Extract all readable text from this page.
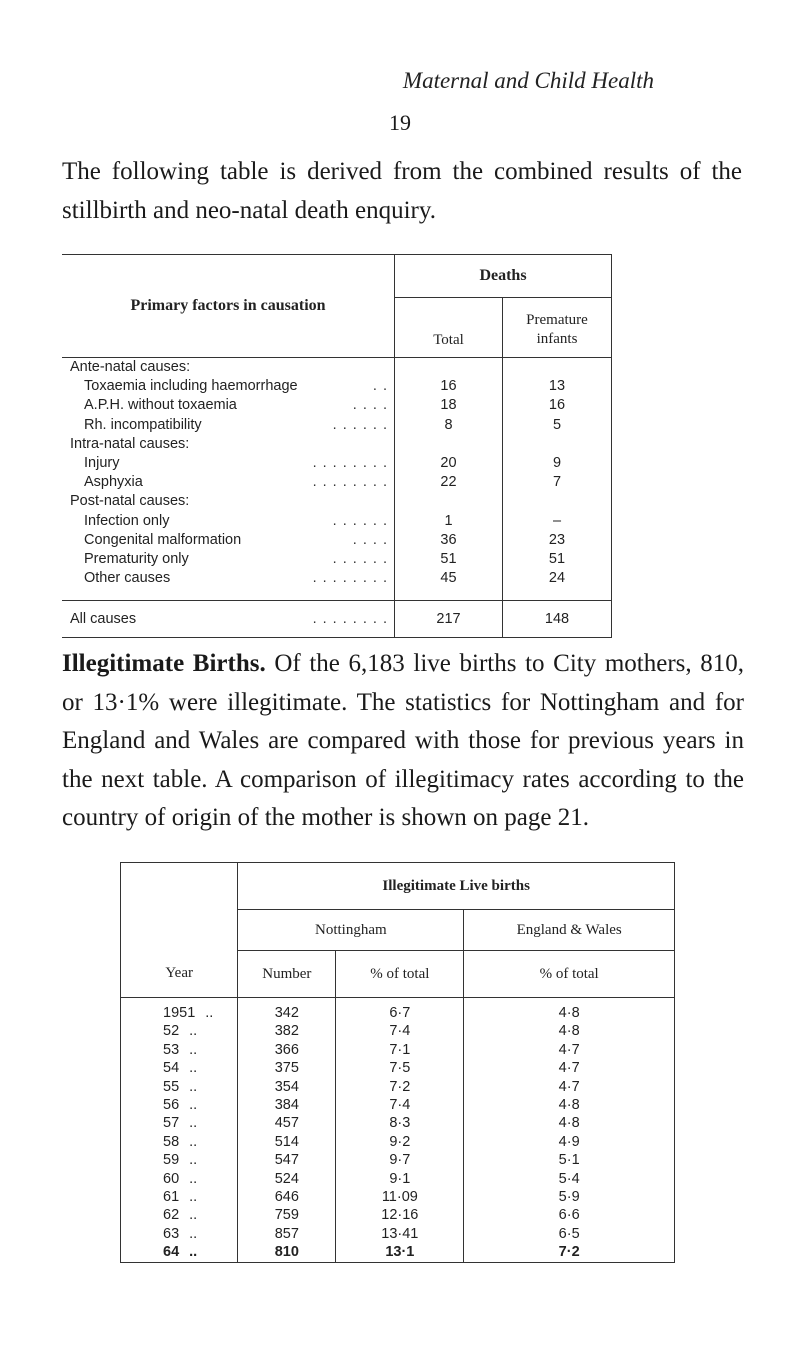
Maternal and Child Health
19

The following table is derived from the combined results of the stillbirth and neo-natal death enquiry.

Primary factors in causation	Deaths	
	Total	Premature infants

Ante-natal causes:		

Toxaemia including haemorrhage . .	16	13

A.P.H. without toxaemia . . . .	18	16

Rh. incompatibility . . . . . .	8	5

Intra-natal causes:		

Injury . . . . . . . .	20	9

Asphyxia . . . . . . . .	22	7

Post-natal causes:		

Infection only . . . . . .	1	–

Congenital malformation . . . .	36	23

Prematurity only . . . . . .	51	51

Other causes . . . . . . . .	45	24

All causes . . . . . . . .	217	148

Illegitimate Births. Of the 6,183 live births to City mothers, 810, or 13·1% were illegitimate. The statistics for Nottingham and for England and Wales are compared with those for previous years in the next table. A comparison of illegitimacy rates according to the country of origin of the mother is shown on page 21.

	Illegitimate Live births		
	Nottingham		England & Wales
Year	Number	% of total	% of total
1951 ..	342	6·7	4·8
52 ..	382	7·4	4·8
53 ..	366	7·1	4·7
54 ..	375	7·5	4·7
55 ..	354	7·2	4·7
56 ..	384	7·4	4·8
57 ..	457	8·3	4·8
58 ..	514	9·2	4·9
59 ..	547	9·7	5·1
60 ..	524	9·1	5·4
61 ..	646	11·09	5·9
62 ..	759	12·16	6·6
63 ..	857	13·41	6·5
64 ..	810	13·1	7·2
